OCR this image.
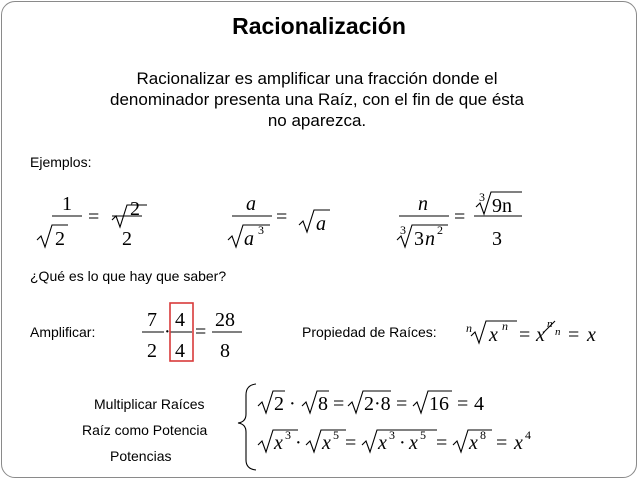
Racionalización
Racionalizar es amplificar una fracción donde el denominador presenta una Raíz, con el fin de que ésta no aparezca.
Ejemplos:
¿Qué es lo que hay que saber?
Amplificar:	Propiedad de Raíces:
Multiplicar Raíces
Raíz como Potencia
Potencias
1
2
= 2
2
a
a 3
= a
n
3 3 n 2
=
3 9n
3
7
2
·
4
4
=
28
8
n x n = x n
n = x
2 · 8 = 2·8 = 16 = 4
x 3 · x 5 = x 3 · x 5 = x 8 = x 4
